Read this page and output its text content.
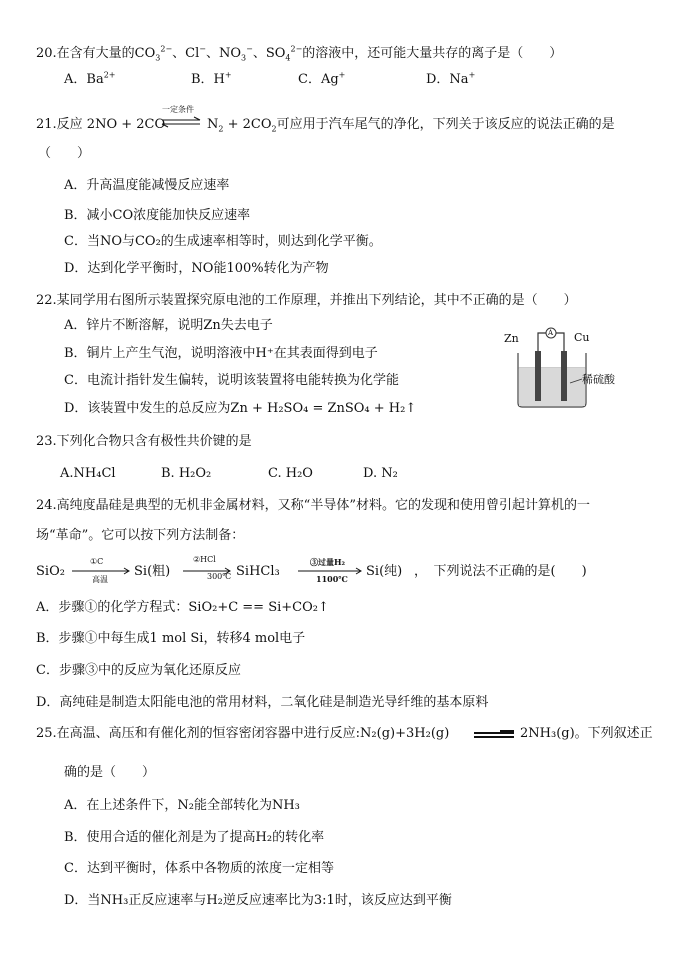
20.在含有大量的$CO_3^{2-}$、Cl−、$NO_3^-$、$SO_4^{2-}$的溶液中，还可能大量共存的离子是（　　）
A．$Ba^{2+}$	B．H+	C．Ag+	D．Na+
21.反应 2NO + 2CO
一定条件
$N_2 + 2CO_2$可应用于汽车尾气的净化，下列关于该反应的说法正确的是
（　　）
A．升高温度能减慢反应速率
B．减小CO浓度能加快反应速率
C．当NO与CO₂的生成速率相等时，则达到化学平衡。
D．达到化学平衡时，NO能100%转化为产物
22.某同学用右图所示装置探究原电池的工作原理，并推出下列结论，其中不正确的是（　　）
A．锌片不断溶解，说明Zn失去电子
B．铜片上产生气泡，说明溶液中H⁺在其表面得到电子
C．电流计指针发生偏转，说明该装置将电能转换为化学能
D．该装置中发生的总反应为Zn + H₂SO₄ = ZnSO₄ + H₂↑
Zn	Cu
A
稀硫酸
23.下列化合物只含有极性共价键的是
A.NH₄Cl	B. H₂O₂	C. H₂O	D. N₂
24.高纯度晶硅是典型的无机非金属材料，又称“半导体”材料。它的发现和使用曾引起计算机的一
场“革命”。它可以按下列方法制备：
SiO₂
①C
高温
Si(粗)
②HCl
300℃ SiHCl₃
③过量H₂
1100℃ Si(纯) ，　下列说法不正确的是(　　)
A．步骤①的化学方程式：SiO₂+C == Si+CO₂↑
B．步骤①中每生成1 mol Si，转移4 mol电子
C．步骤③中的反应为氧化还原反应
D．高纯硅是制造太阳能电池的常用材料，二氧化硅是制造光导纤维的基本原料
25.在高温、高压和有催化剂的恒容密闭容器中进行反应:N₂(g)+3H₂(g)	2NH₃(g)。下列叙述正
确的是（　　）
A．在上述条件下，N₂能全部转化为NH₃
B．使用合适的催化剂是为了提高H₂的转化率
C．达到平衡时，体系中各物质的浓度一定相等
D．当NH₃正反应速率与H₂逆反应速率比为3:1时，该反应达到平衡
